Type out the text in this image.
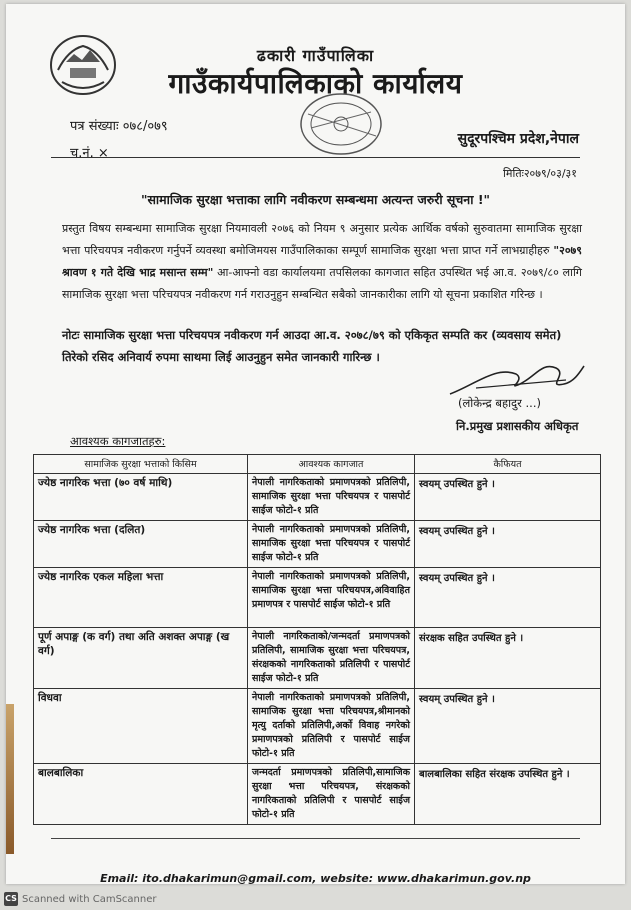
ढकारी गाउँपालिका
गाउँकार्यपालिकाको कार्यालय
पत्र संख्याः ०७८/०७९
च.नं. ×
सुदूरपश्चिम प्रदेश,नेपाल
मितिः२०७९/०३/३१
"सामाजिक सुरक्षा भत्ताका लागि नवीकरण सम्बन्धमा अत्यन्त जरुरी सूचना !"
प्रस्तुत विषय सम्बन्धमा सामाजिक सुरक्षा नियमावली २०७६ को नियम ९ अनुसार प्रत्येक आर्थिक वर्षको सुरुवातमा सामाजिक सुरक्षा भत्ता परिचयपत्र नवीकरण गर्नुपर्ने व्यवस्था बमोजिमयस गाउँपालिकाका सम्पूर्ण सामाजिक सुरक्षा भत्ता प्राप्त गर्ने लाभग्राहीहरु "२०७९ श्रावण १ गते देखि भाद्र मसान्त सम्म" आ-आफ्नो वडा कार्यालयमा तपसिलका कागजात सहित उपस्थित भई आ.व. २०७९/८० लागि सामाजिक सुरक्षा भत्ता परिचयपत्र नवीकरण गर्न गराउनुहुन सम्बन्धित सबैको जानकारीका लागि यो सूचना प्रकाशित गरिन्छ ।
नोटः सामाजिक सुरक्षा भत्ता परिचयपत्र नवीकरण गर्न आउदा आ.व. २०७८/७९ को एकिकृत सम्पति कर (व्यवसाय समेत) तिरेको रसिद अनिवार्य रुपमा साथमा लिई आउनुहुन समेत जानकारी गारिन्छ ।
(लोकेन्द्र बहादुर ...)
नि.प्रमुख प्रशासकीय अधिकृत
आवश्यक कागजातहरु:
सामाजिक सुरक्षा भत्ताको किसिम	आवश्यक कागजात	कैफियत
ज्येष्ठ नागरिक भत्ता (७० वर्ष माथि)	नेपाली नागरिकताको प्रमाणपत्रको प्रतिलिपी, सामाजिक सुरक्षा भत्ता परिचयपत्र र पासपोर्ट साईज फोटो-१ प्रति	स्वयम् उपस्थित हुने ।
ज्येष्ठ नागरिक भत्ता (दलित)	नेपाली नागरिकताको प्रमाणपत्रको प्रतिलिपी, सामाजिक सुरक्षा भत्ता परिचयपत्र र पासपोर्ट साईज फोटो-१ प्रति	स्वयम् उपस्थित हुने ।
ज्येष्ठ नागरिक एकल महिला भत्ता	नेपाली नागरिकताको प्रमाणपत्रको प्रतिलिपी, सामाजिक सुरक्षा भत्ता परिचयपत्र,अविवाहित प्रमाणपत्र र पासपोर्ट साईज फोटो-१ प्रति	स्वयम् उपस्थित हुने ।
पूर्ण अपाङ्ग (क वर्ग) तथा अति अशक्त अपाङ्ग (ख वर्ग)	नेपाली नागरिकताको/जन्मदर्ता प्रमाणपत्रको प्रतिलिपी, सामाजिक सुरक्षा भत्ता परिचयपत्र, संरक्षकको नागरिकताको प्रतिलिपी र पासपोर्ट साईज फोटो-१ प्रति	संरक्षक सहित उपस्थित हुने ।
विधवा	नेपाली नागरिकताको प्रमाणपत्रको प्रतिलिपी, सामाजिक सुरक्षा भत्ता परिचयपत्र,श्रीमानको मृत्यु दर्ताको प्रतिलिपी,अर्को विवाह नगरेको प्रमाणपत्रको प्रतिलिपी र पासपोर्ट साईज फोटो-१ प्रति	स्वयम् उपस्थित हुने ।
बालबालिका	जन्मदर्ता प्रमाणपत्रको प्रतिलिपी,सामाजिक सुरक्षा भत्ता परिचयपत्र, संरक्षकको नागरिकताको प्रतिलिपी र पासपोर्ट साईज फोटो-१ प्रति	बालबालिका सहित संरक्षक उपस्थित हुने ।
Email: ito.dhakarimun@gmail.com, website: www.dhakarimun.gov.np
CS Scanned with CamScanner
